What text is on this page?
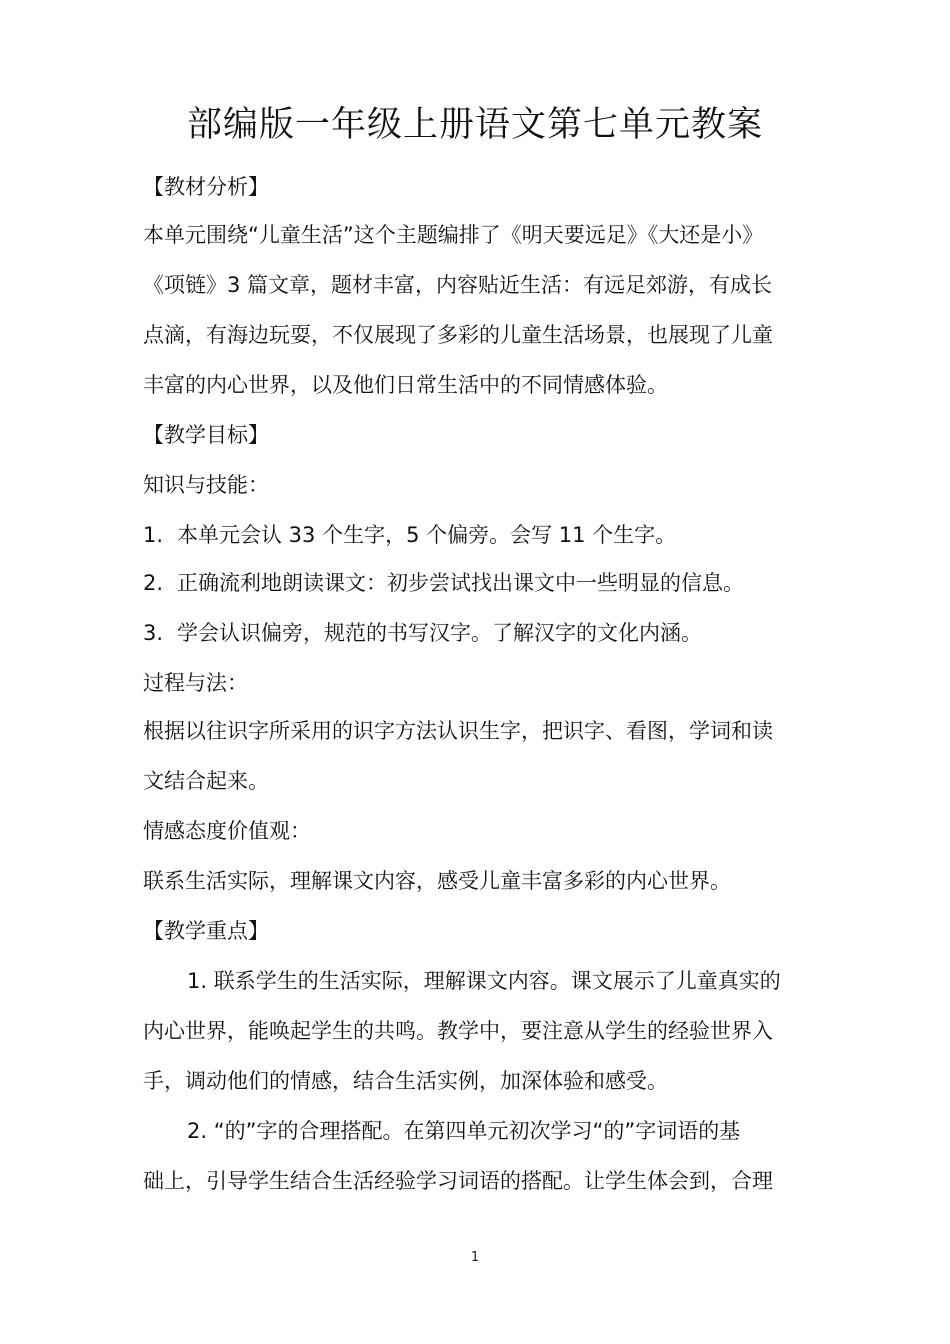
部编版一年级上册语文第七单元教案
【教材分析】
本单元围绕“儿童生活”这个主题编排了《明天要远足》《大还是小》
《项链》3 篇文章，题材丰富，内容贴近生活：有远足郊游，有成长
点滴，有海边玩耍，不仅展现了多彩的儿童生活场景，也展现了儿童
丰富的内心世界，以及他们日常生活中的不同情感体验。
【教学目标】
知识与技能：
1. 本单元会认 33 个生字，5 个偏旁。会写 11 个生字。
2. 正确流利地朗读课文：初步尝试找出课文中一些明显的信息。
3. 学会认识偏旁，规范的书写汉字。了解汉字的文化内涵。
过程与法：
根据以往识字所采用的识字方法认识生字，把识字、看图，学词和读
文结合起来。
情感态度价值观：
联系生活实际，理解课文内容，感受儿童丰富多彩的内心世界。
【教学重点】
1. 联系学生的生活实际，理解课文内容。课文展示了儿童真实的
内心世界，能唤起学生的共鸣。教学中，要注意从学生的经验世界入
手，调动他们的情感，结合生活实例，加深体验和感受。
2. “的”字的合理搭配。在第四单元初次学习“的”字词语的基
础上，引导学生结合生活经验学习词语的搭配。让学生体会到，合理
1
